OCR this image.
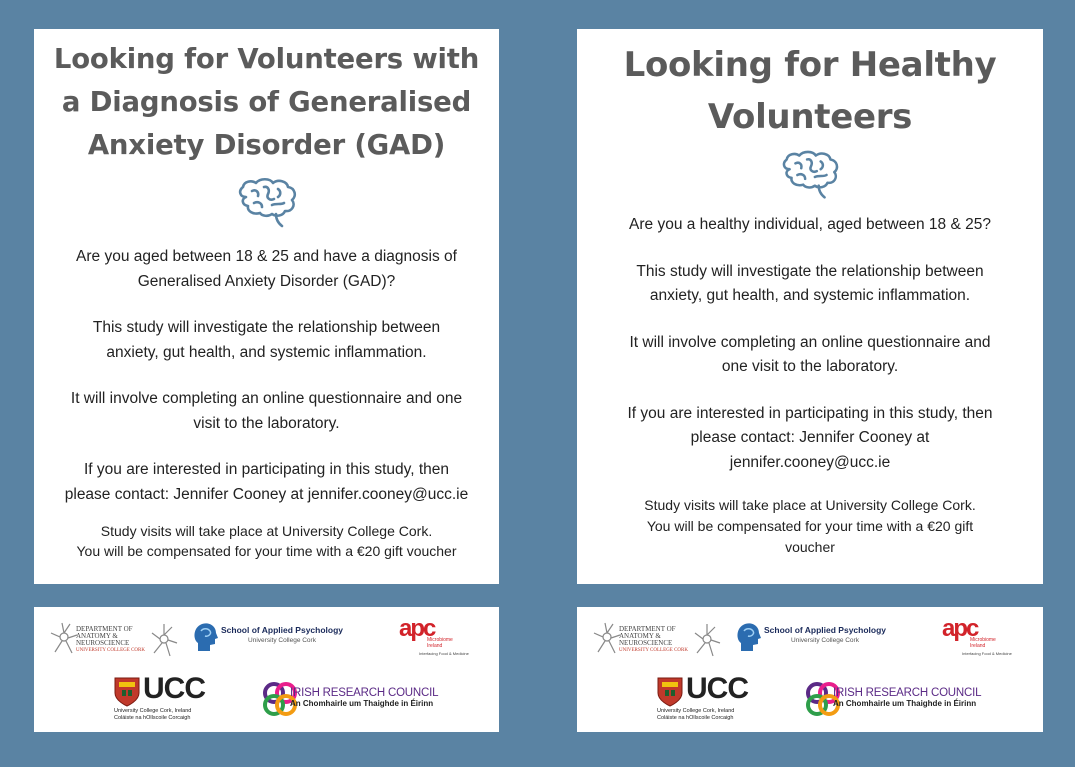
Looking for Volunteers with
a Diagnosis of Generalised
Anxiety Disorder (GAD)

Are you aged between 18 & 25 and have a diagnosis of
Generalised Anxiety Disorder (GAD)?

This study will investigate the relationship between
anxiety, gut health, and systemic inflammation.

It will involve completing an online questionnaire and one
visit to the laboratory.

If you are interested in participating in this study, then
please contact: Jennifer Cooney at jennifer.cooney@ucc.ie

Study visits will take place at University College Cork.
You will be compensated for your time with a €20 gift voucher

Looking for Healthy
Volunteers

Are you a healthy individual, aged between 18 & 25?

This study will investigate the relationship between
anxiety, gut health, and systemic inflammation.

It will involve completing an online questionnaire and
one visit to the laboratory.

If you are interested in participating in this study, then
please contact: Jennifer Cooney at
jennifer.cooney@ucc.ie

Study visits will take place at University College Cork.
You will be compensated for your time with a €20 gift
voucher

DEPARTMENT OF
ANATOMY &
NEUROSCIENCE
UNIVERSITY COLLEGE CORK
School of Applied Psychology
University College Cork	apc
Microbiome
Ireland
Interfacing Food & Medicine
UCC
University College Cork, Ireland
Coláiste na hOllscoile Corcaigh
IRISH RESEARCH COUNCIL
An Chomhairle um Thaighde in Éirinn
DEPARTMENT OF
ANATOMY &
NEUROSCIENCE
UNIVERSITY COLLEGE CORK
School of Applied Psychology
University College Cork	apc
Microbiome
Ireland
Interfacing Food & Medicine
UCC
University College Cork, Ireland
Coláiste na hOllscoile Corcaigh
IRISH RESEARCH COUNCIL
An Chomhairle um Thaighde in Éirinn
